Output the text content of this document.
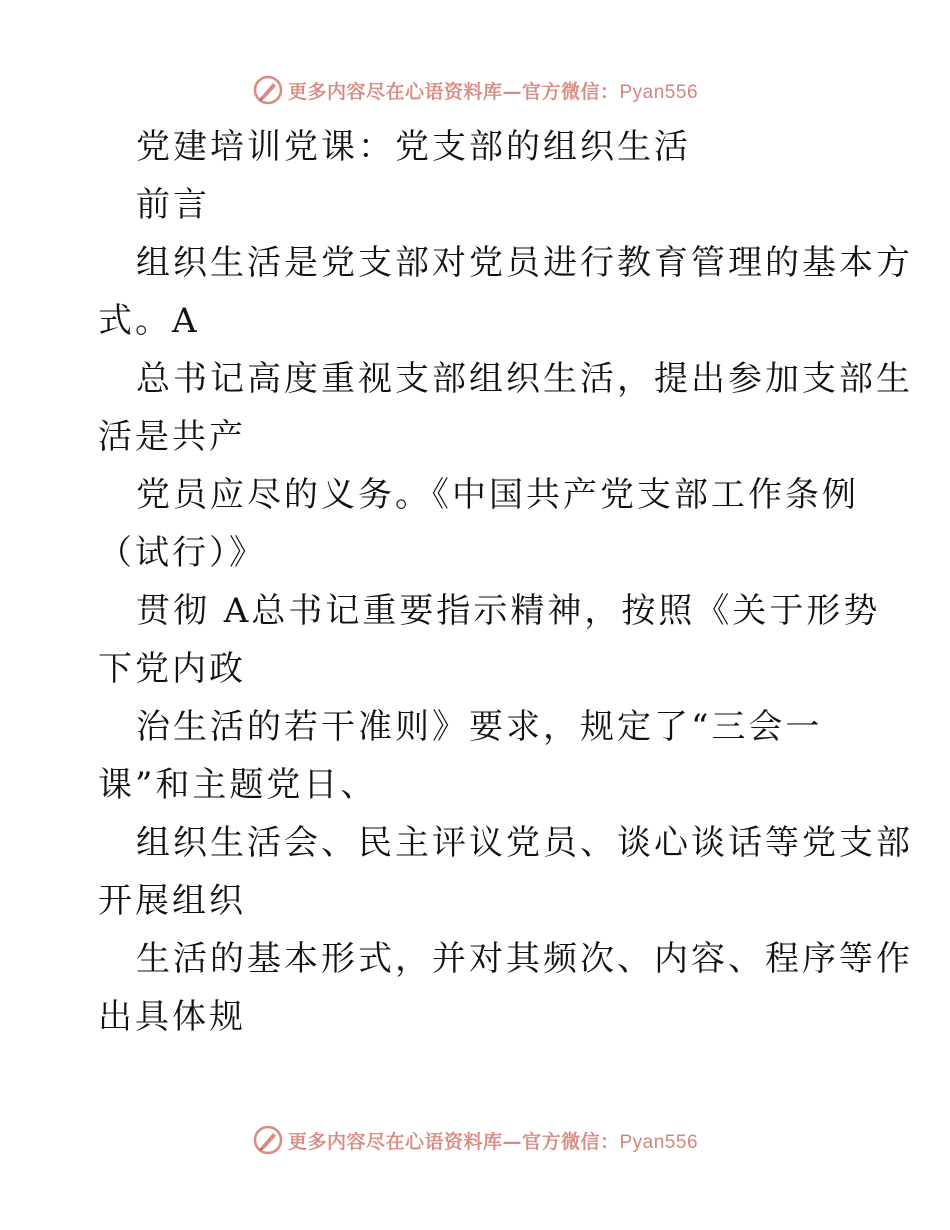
更多内容尽在心语资料库—官方微信：Pyan556
党建培训党课：党支部的组织生活
前言
组织生活是党支部对党员进行教育管理的基本方
式。A
总书记高度重视支部组织生活，提出参加支部生
活是共产
党员应尽的义务。《中国共产党支部工作条例
（试行）》
贯彻 A总书记重要指示精神，按照《关于形势
下党内政
治生活的若干准则》要求，规定了“三会一
课”和主题党日、
组织生活会、民主评议党员、谈心谈话等党支部
开展组织
生活的基本形式，并对其频次、内容、程序等作
出具体规
更多内容尽在心语资料库—官方微信：Pyan556
